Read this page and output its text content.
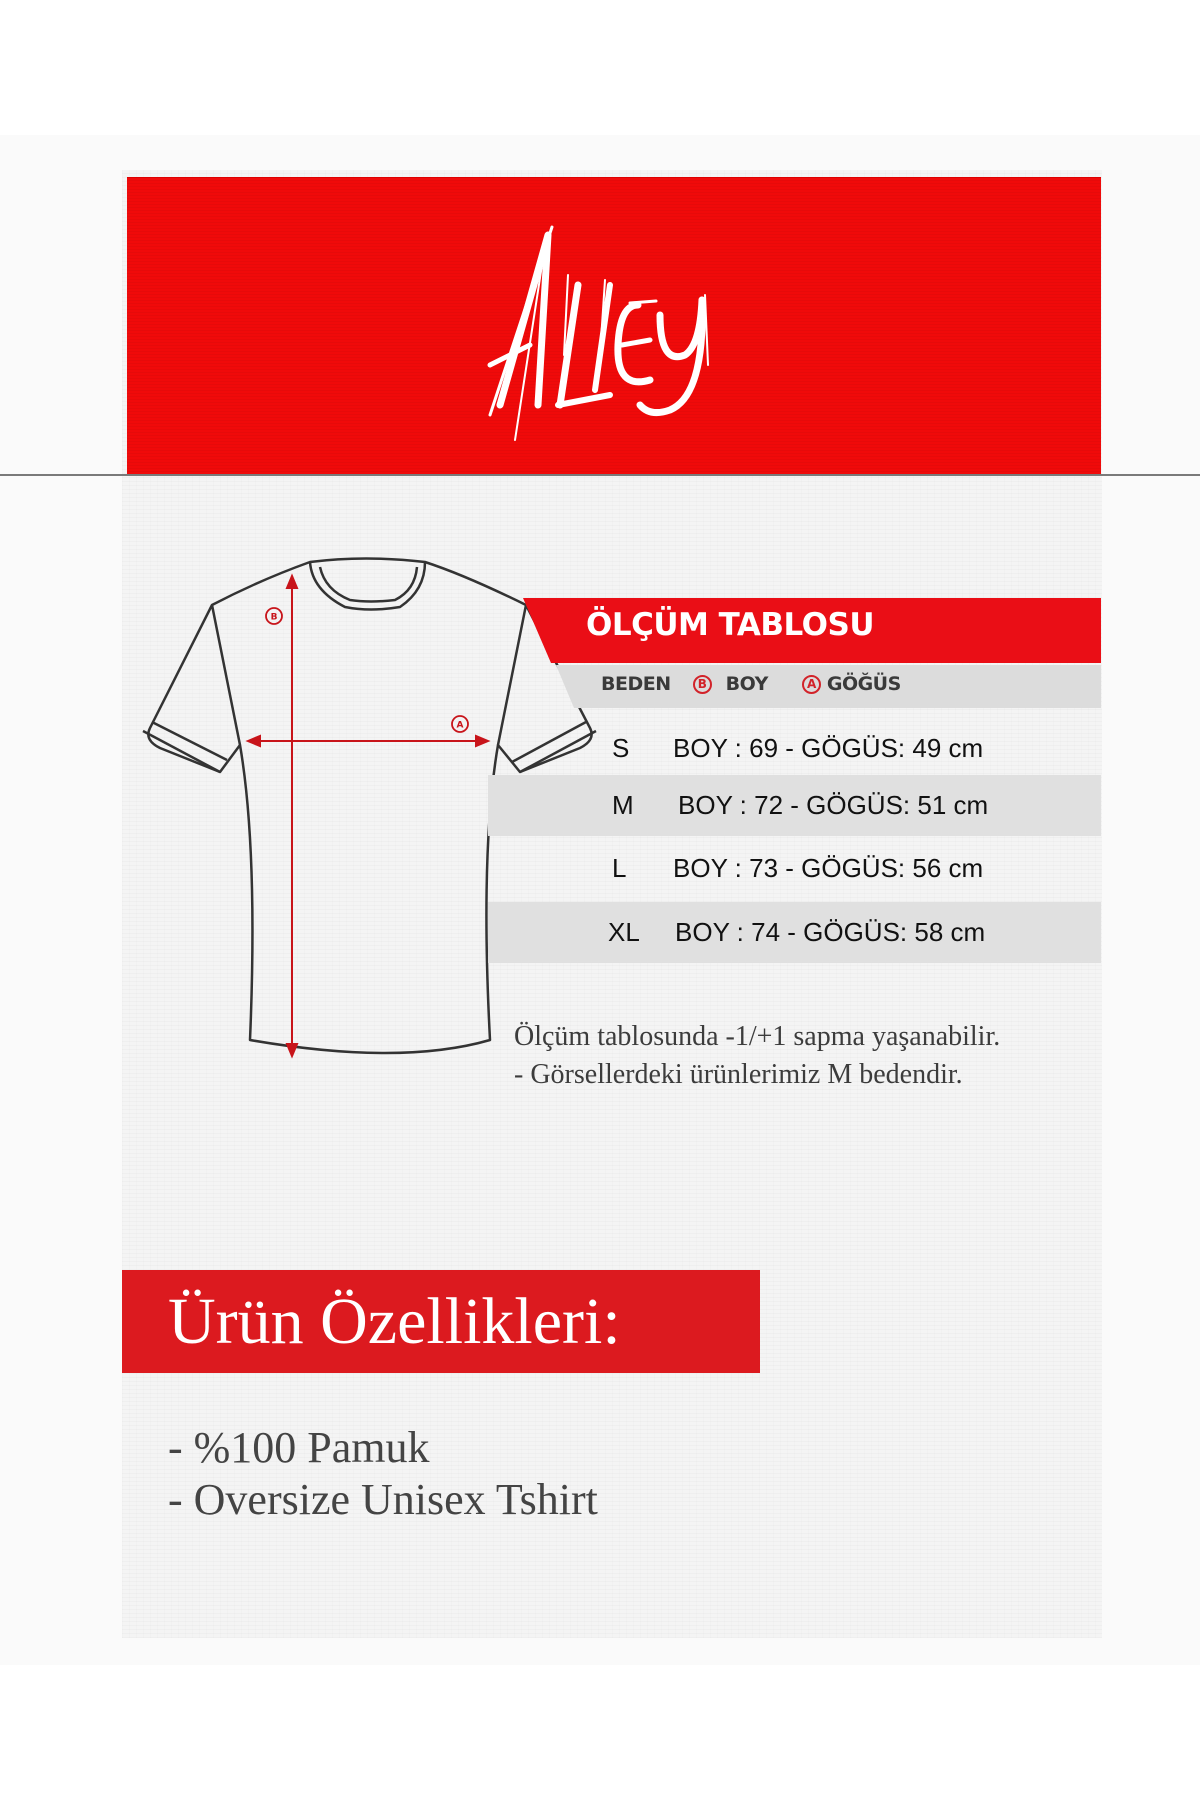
B
A
ÖLÇÜM TABLOSU
BEDEN	B BOY	A GÖĞÜS
S BOY : 69 - GÖGÜS: 49 cm
M BOY : 72 - GÖGÜS: 51 cm
L BOY : 73 - GÖGÜS: 56 cm
XL BOY : 74 - GÖGÜS: 58 cm
Ölçüm tablosunda -1/+1 sapma yaşanabilir.
- Görsellerdeki ürünlerimiz M bedendir.
Ürün Özellikleri:
- %100 Pamuk
- Oversize Unisex Tshirt
